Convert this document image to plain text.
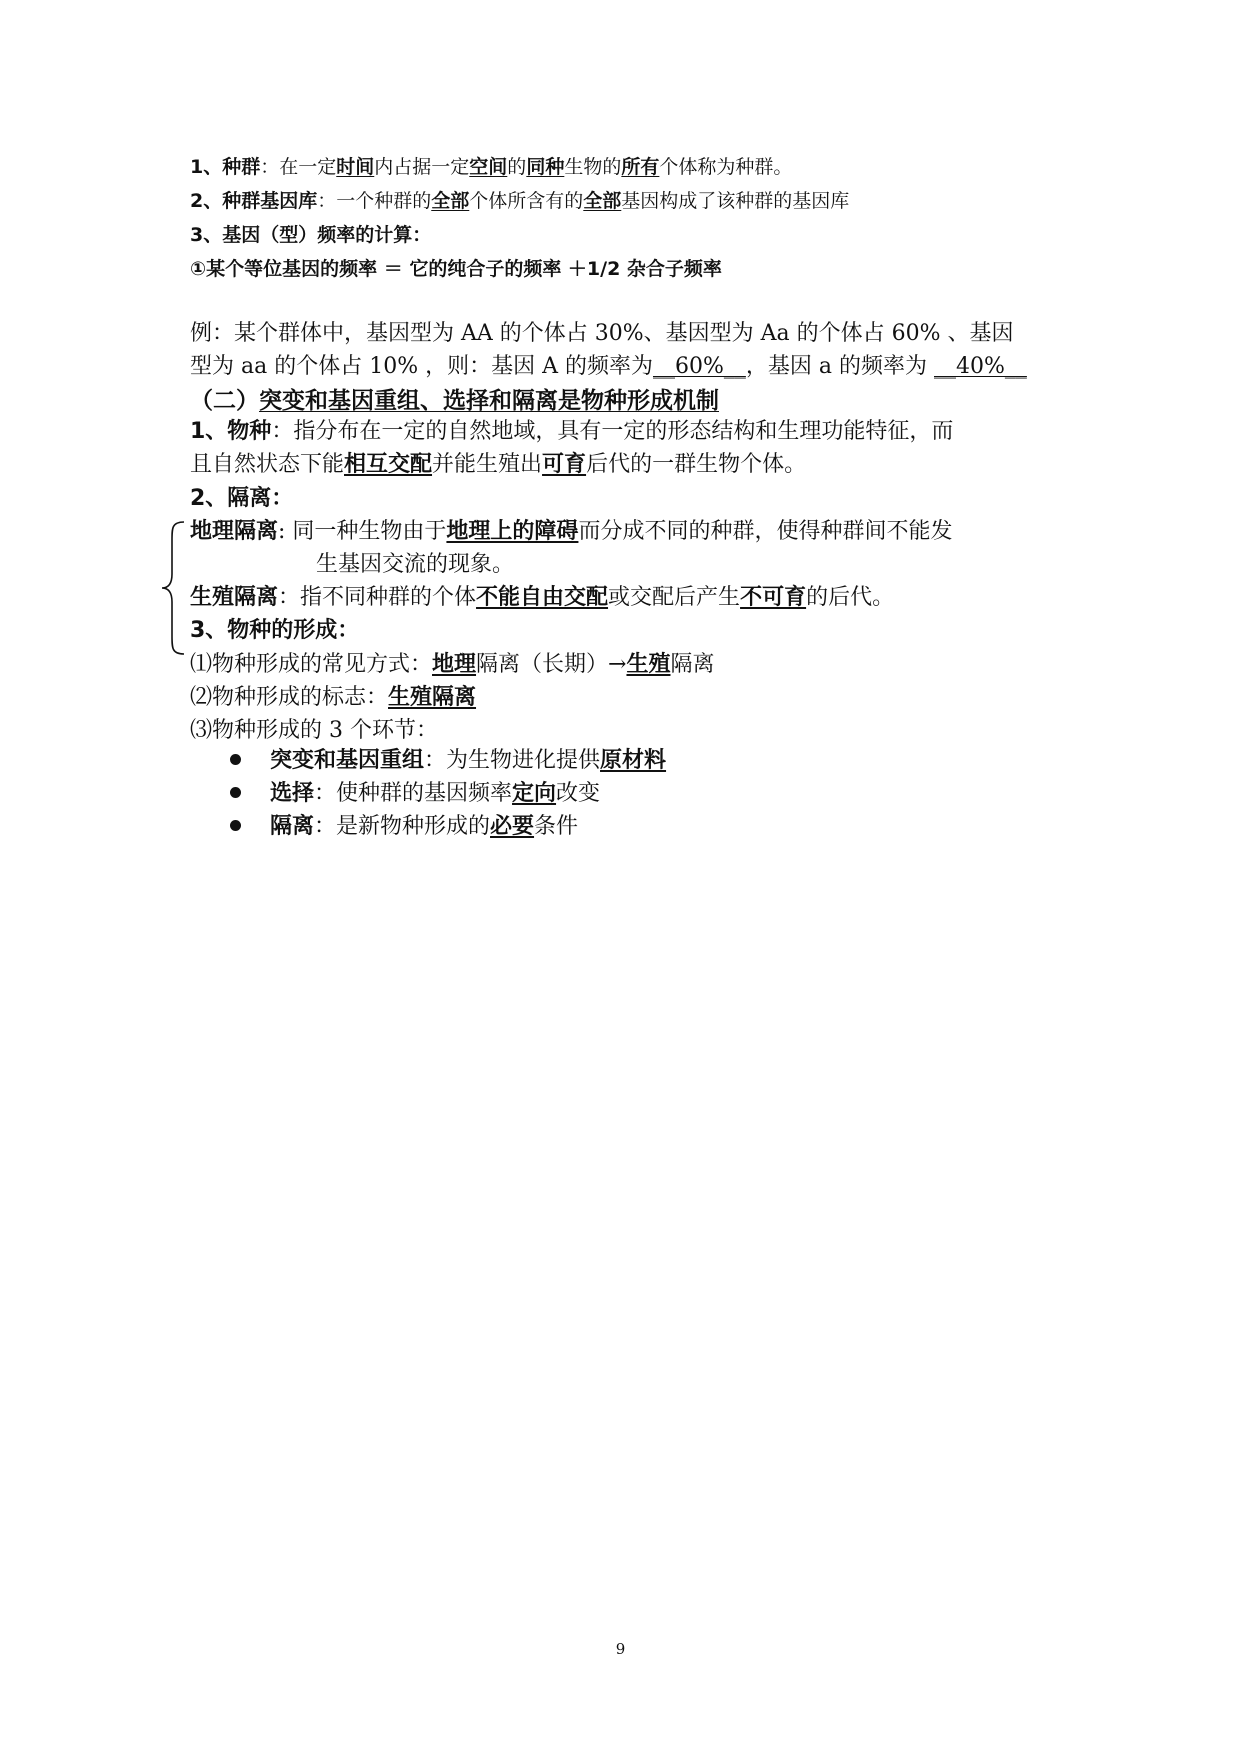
1、种群：在一定时间内占据一定空间的同种生物的所有个体称为种群。
2、种群基因库：一个种群的全部个体所含有的全部基因构成了该种群的基因库
3、基因（型）频率的计算：
①某个等位基因的频率 ＝ 它的纯合子的频率 ＋1/2 杂合子频率
例：某个群体中，基因型为 AA 的个体占 30%、基因型为 Aa 的个体占 60% 、基因
型为 aa 的个体占 10% ，则：基因 A 的频率为__60%__，基因 a 的频率为 __40%__
（二）突变和基因重组、选择和隔离是物种形成机制
1、物种：指分布在一定的自然地域，具有一定的形态结构和生理功能特征，而
且自然状态下能相互交配并能生殖出可育后代的一群生物个体。
2、隔离：
地理隔离: 同一种生物由于地理上的障碍而分成不同的种群，使得种群间不能发
生基因交流的现象。
生殖隔离：指不同种群的个体不能自由交配或交配后产生不可育的后代。
3、物种的形成：
⑴物种形成的常见方式：地理隔离（长期）→生殖隔离
⑵物种形成的标志：生殖隔离
⑶物种形成的 3 个环节：
突变和基因重组：为生物进化提供原材料
选择：使种群的基因频率定向改变
隔离：是新物种形成的必要条件
9
